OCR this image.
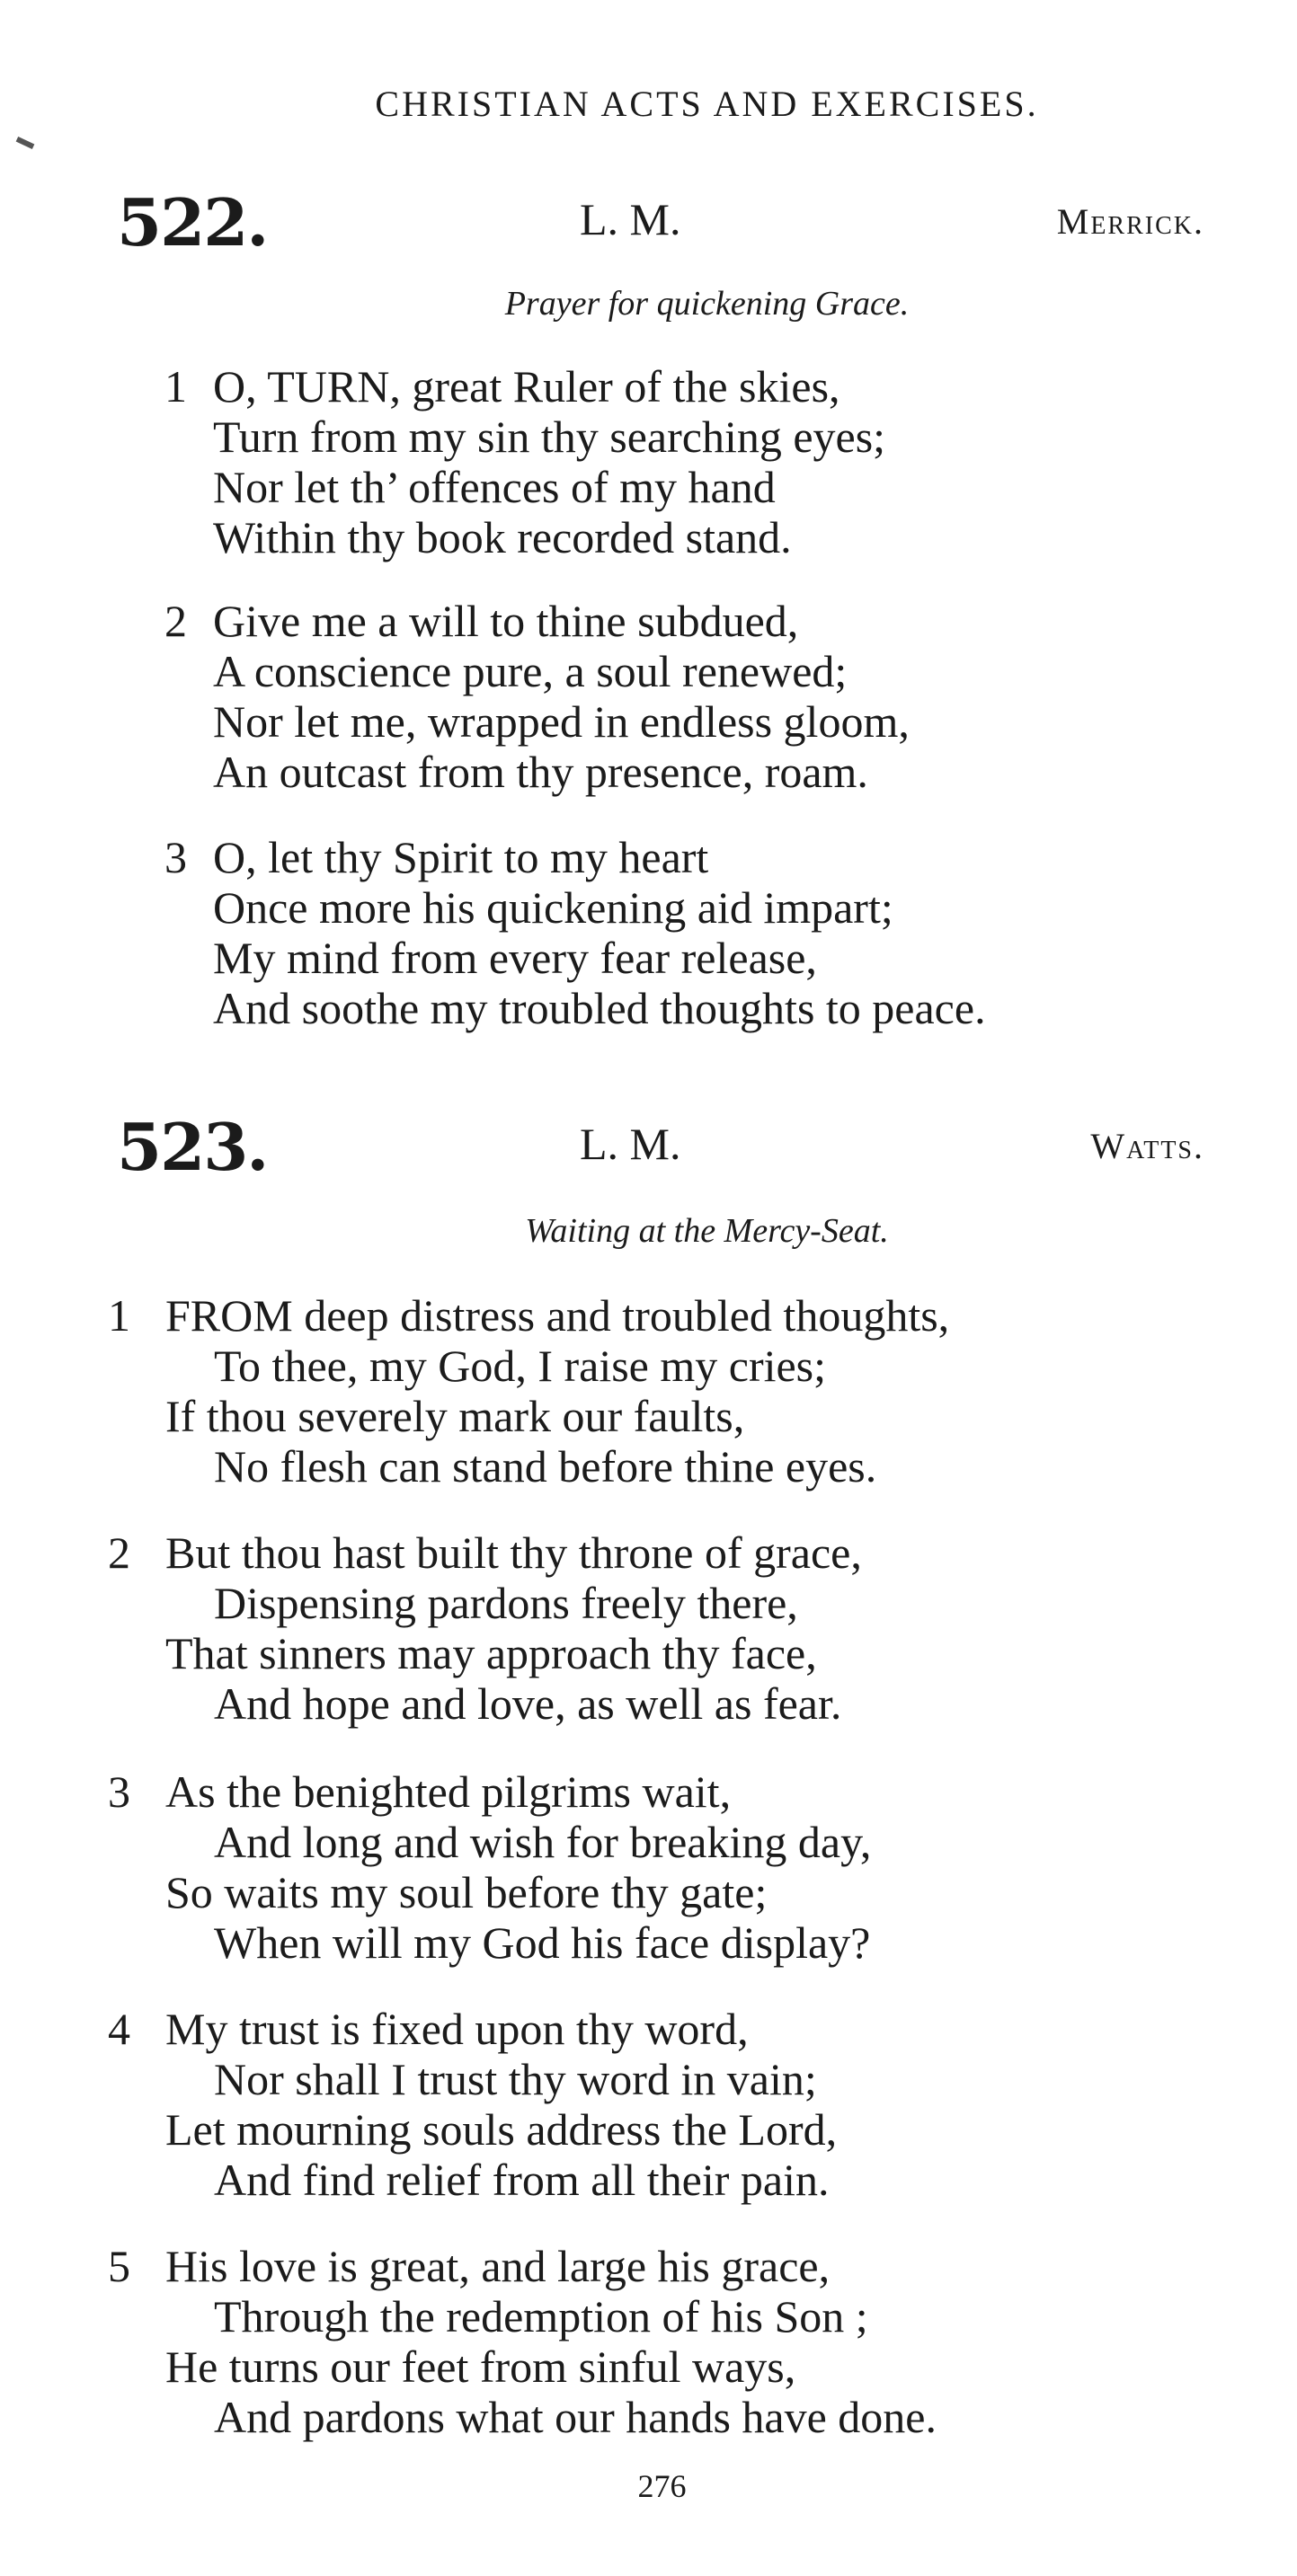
CHRISTIAN ACTS AND EXERCISES.
522.	L. M.	Merrick.
Prayer for quickening Grace.
1 O, TURN, great Ruler of the skies,
Turn from my sin thy searching eyes;
Nor let th’ offences of my hand
Within thy book recorded stand.
2 Give me a will to thine subdued,
A conscience pure, a soul renewed;
Nor let me, wrapped in endless gloom,
An outcast from thy presence, roam.
3 O, let thy Spirit to my heart
Once more his quickening aid impart;
My mind from every fear release,
And soothe my troubled thoughts to peace.
523.	L. M.	Watts.
Waiting at the Mercy-Seat.
1 FROM deep distress and troubled thoughts,
To thee, my God, I raise my cries;
If thou severely mark our faults,
No flesh can stand before thine eyes.
2 But thou hast built thy throne of grace,
Dispensing pardons freely there,
That sinners may approach thy face,
And hope and love, as well as fear.
3 As the benighted pilgrims wait,
And long and wish for breaking day,
So waits my soul before thy gate;
When will my God his face display?
4 My trust is fixed upon thy word,
Nor shall I trust thy word in vain;
Let mourning souls address the Lord,
And find relief from all their pain.
5 His love is great, and large his grace,
Through the redemption of his Son ;
He turns our feet from sinful ways,
And pardons what our hands have done.
276
